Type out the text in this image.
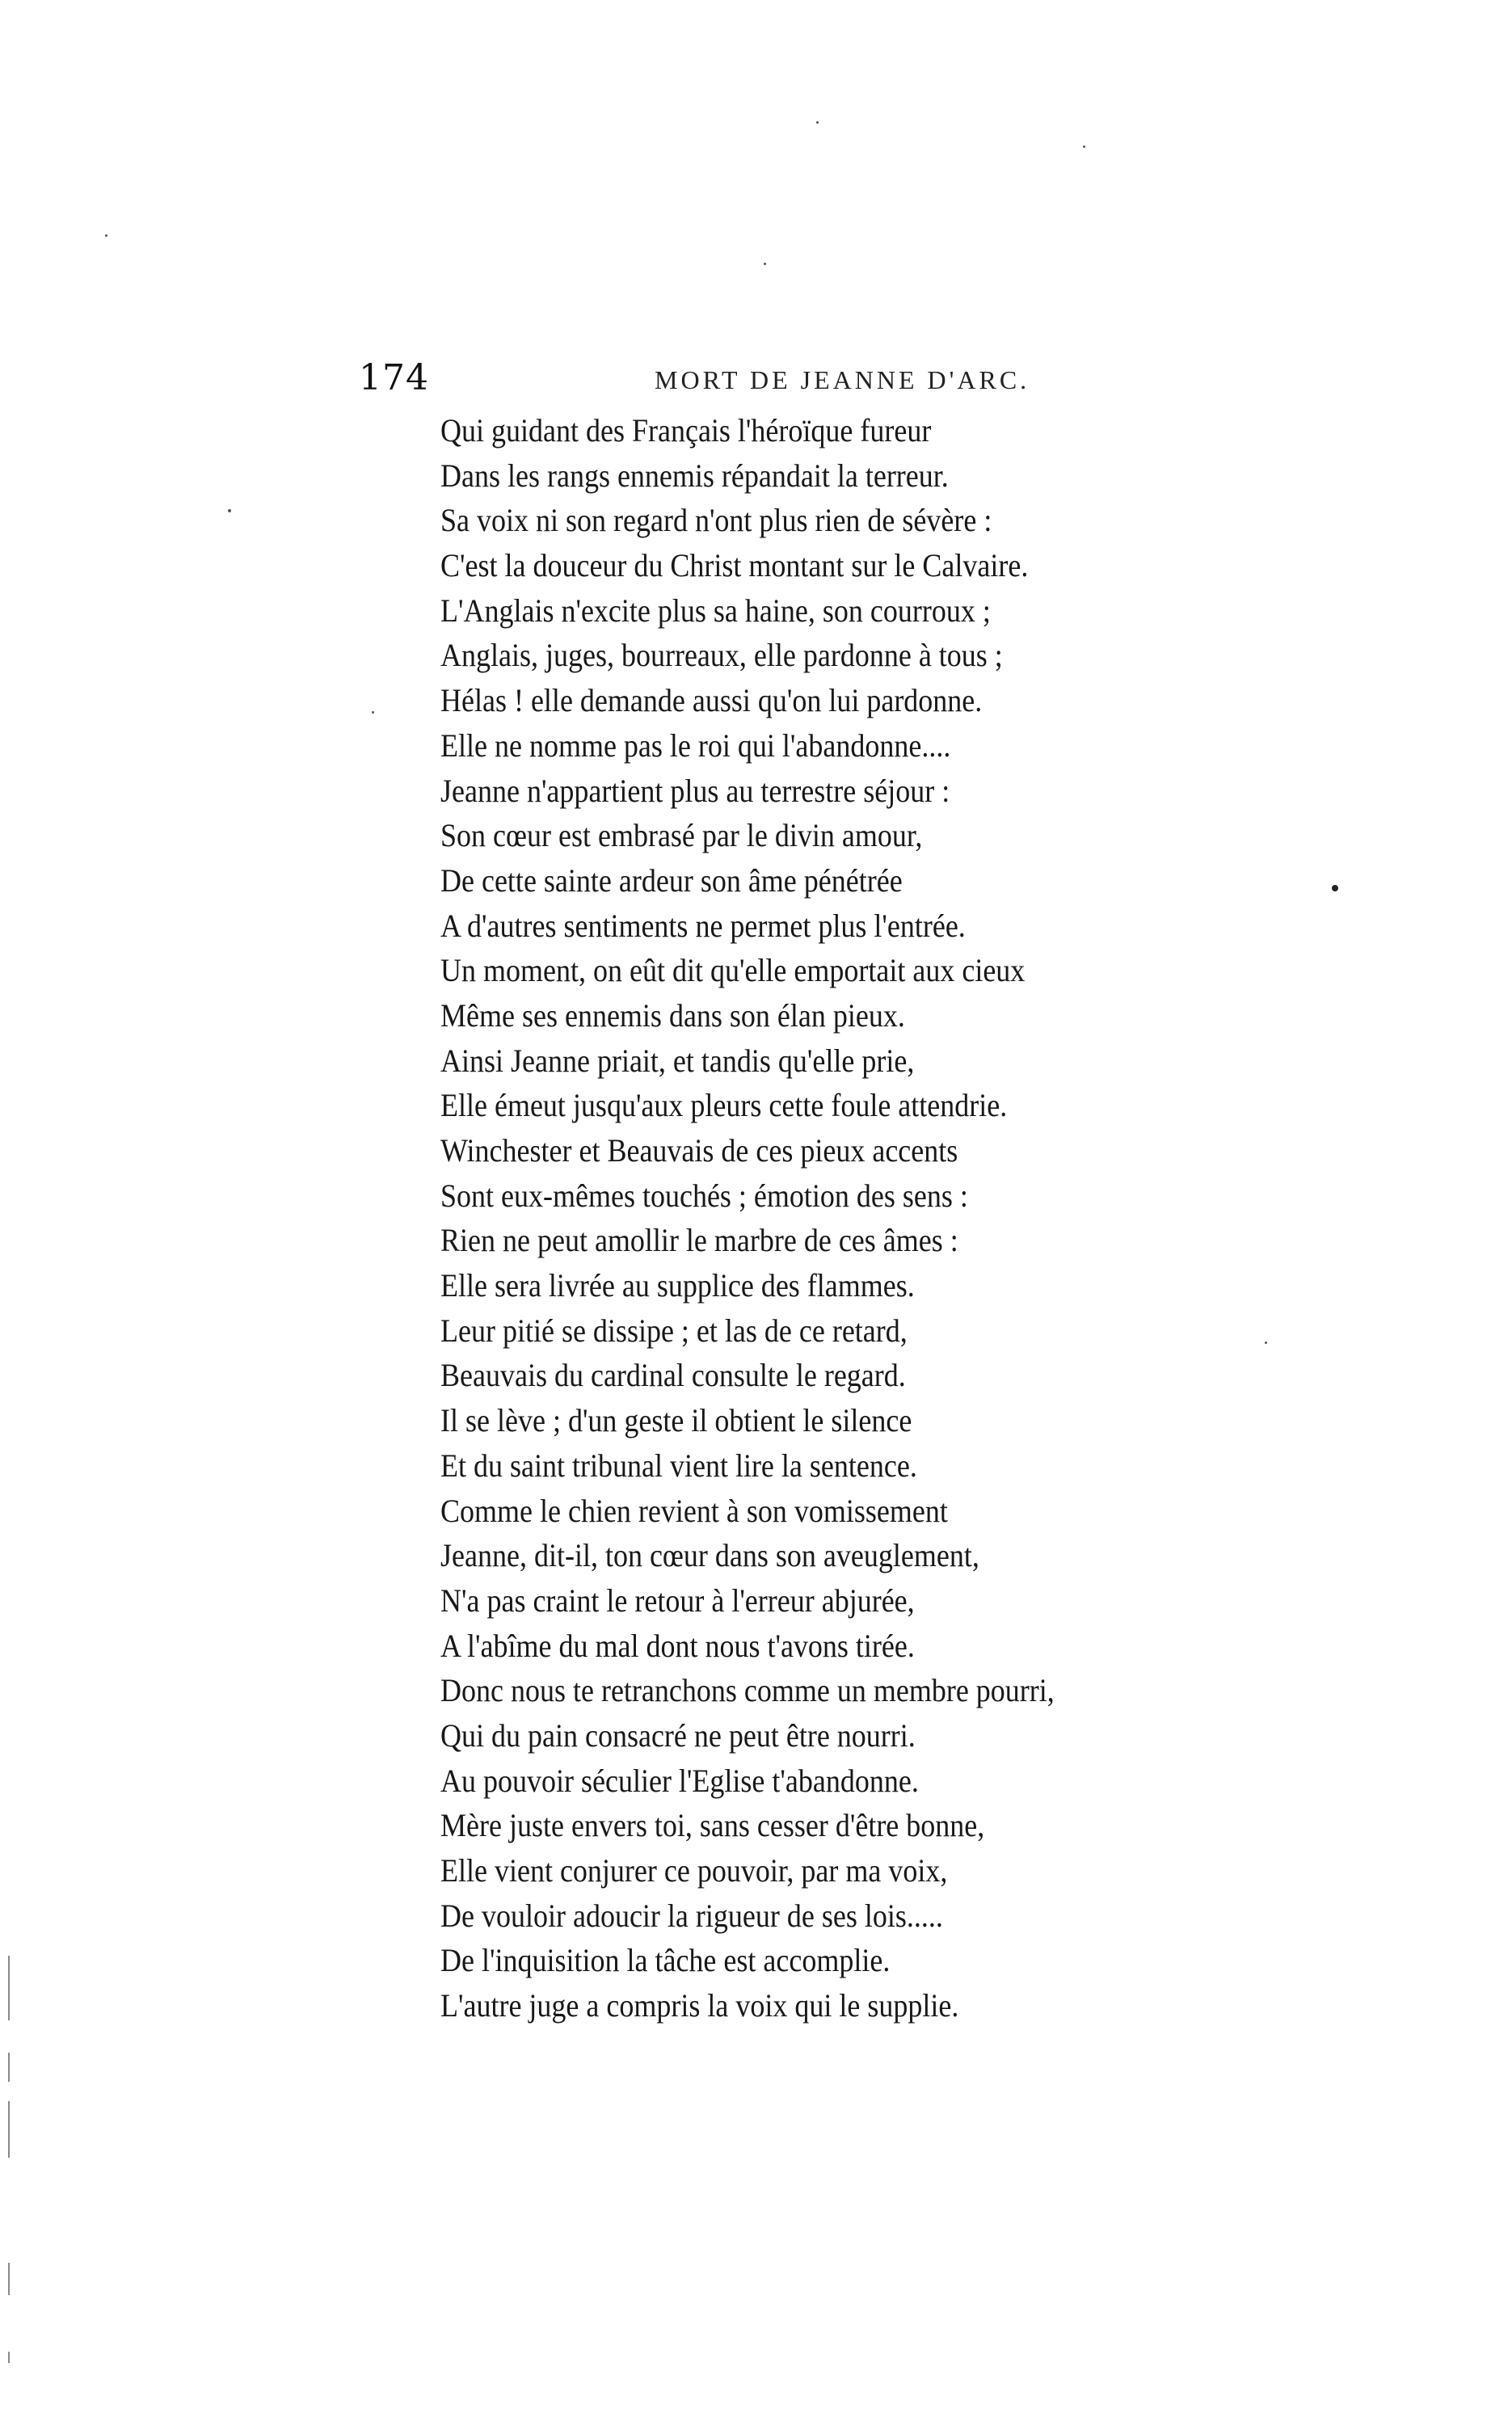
174	MORT DE JEANNE D'ARC.
Qui guidant des Français l'héroïque fureur
Dans les rangs ennemis répandait la terreur.
Sa voix ni son regard n'ont plus rien de sévère :
C'est la douceur du Christ montant sur le Calvaire.
L'Anglais n'excite plus sa haine, son courroux ;
Anglais, juges, bourreaux, elle pardonne à tous ;
Hélas ! elle demande aussi qu'on lui pardonne.
Elle ne nomme pas le roi qui l'abandonne....
Jeanne n'appartient plus au terrestre séjour :
Son cœur est embrasé par le divin amour,
De cette sainte ardeur son âme pénétrée
A d'autres sentiments ne permet plus l'entrée.
Un moment, on eût dit qu'elle emportait aux cieux
Même ses ennemis dans son élan pieux.
Ainsi Jeanne priait, et tandis qu'elle prie,
Elle émeut jusqu'aux pleurs cette foule attendrie.
Winchester et Beauvais de ces pieux accents
Sont eux-mêmes touchés ; émotion des sens :
Rien ne peut amollir le marbre de ces âmes :
Elle sera livrée au supplice des flammes.
Leur pitié se dissipe ; et las de ce retard,
Beauvais du cardinal consulte le regard.
Il se lève ; d'un geste il obtient le silence
Et du saint tribunal vient lire la sentence.
Comme le chien revient à son vomissement
Jeanne, dit-il, ton cœur dans son aveuglement,
N'a pas craint le retour à l'erreur abjurée,
A l'abîme du mal dont nous t'avons tirée.
Donc nous te retranchons comme un membre pourri,
Qui du pain consacré ne peut être nourri.
Au pouvoir séculier l'Eglise t'abandonne.
Mère juste envers toi, sans cesser d'être bonne,
Elle vient conjurer ce pouvoir, par ma voix,
De vouloir adoucir la rigueur de ses lois.....
De l'inquisition la tâche est accomplie.
L'autre juge a compris la voix qui le supplie.
